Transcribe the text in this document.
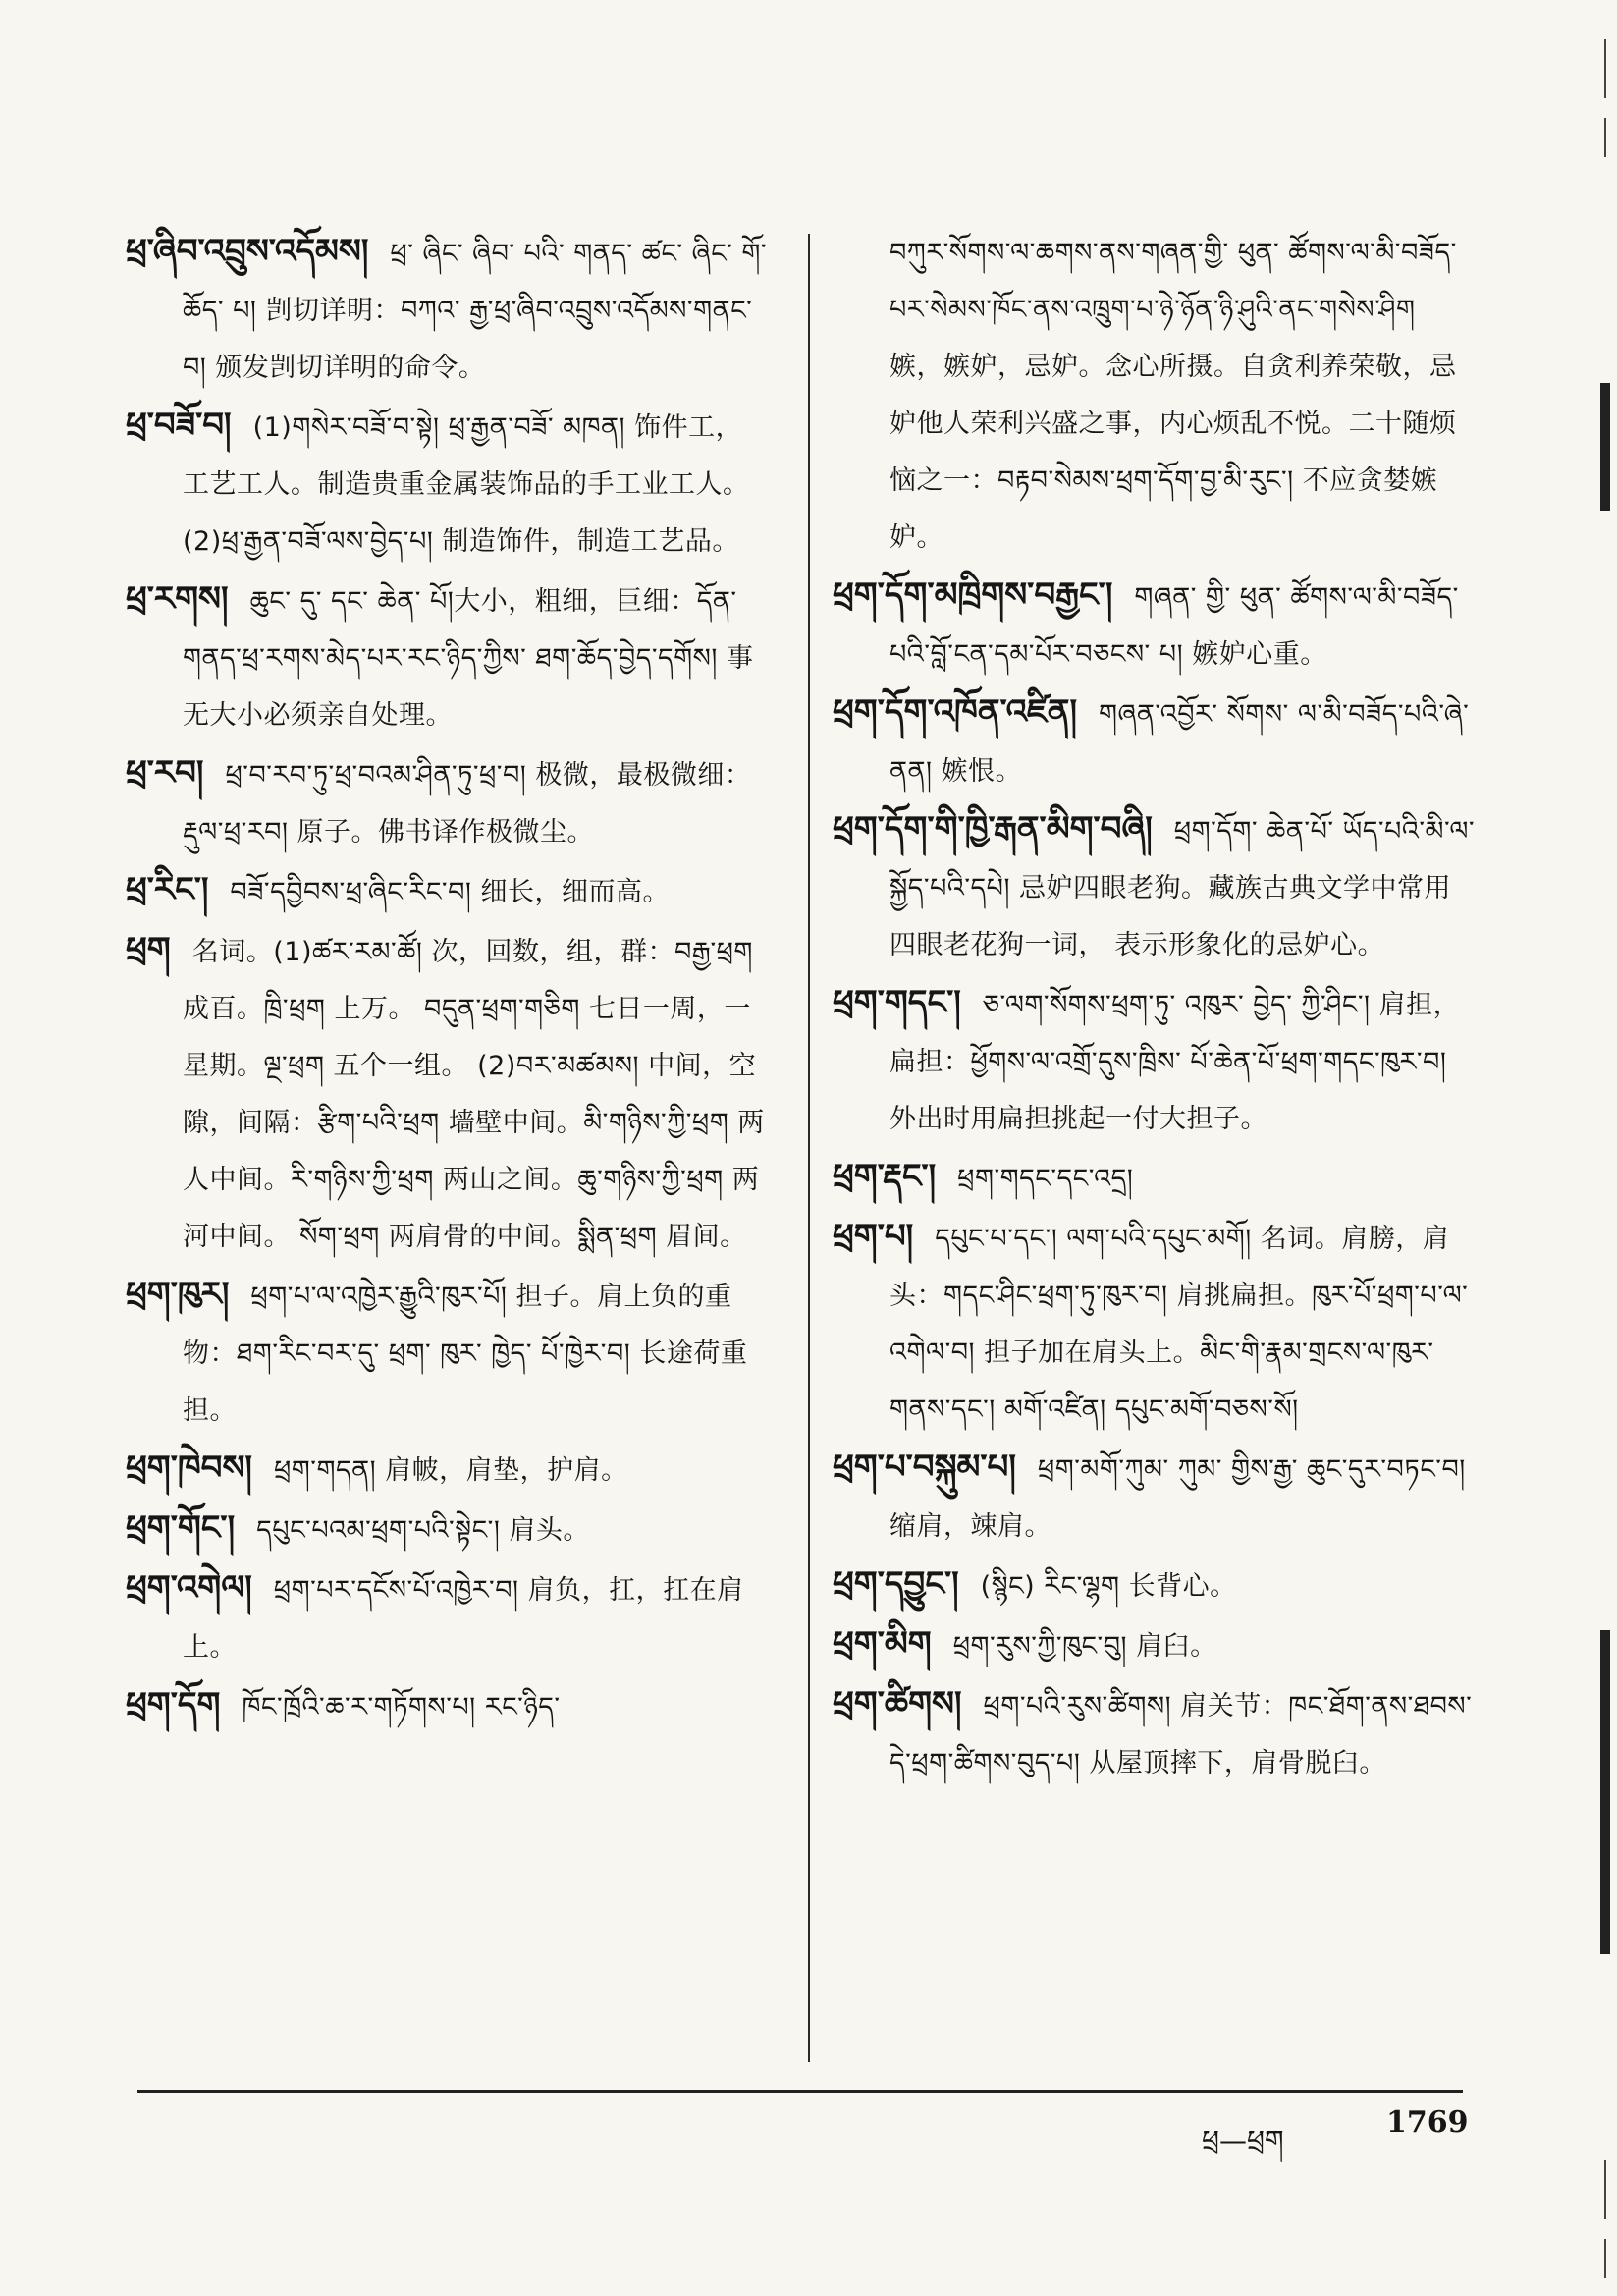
ཕྲ་ཞིབ་འབྲུས་འདོམས། ཕྲ་ ཞིང་ ཞིབ་ པའི་ གནད་ ཚང་ ཞིང་ གོ་ ཆོད་ པ། 剀切详明：བཀའ་ རྒྱ་ཕྲ་ཞིབ་འབྲུས་འདོམས་གནང་བ། 颁发剀切详明的命令。
ཕྲ་བཟོ་བ། (1)གསེར་བཟོ་བ་སྟེ། ཕྲ་རྒྱན་བཟོ་ མཁན། 饰件工，工艺工人。制造贵重金属装饰品的手工业工人。 (2)ཕྲ་རྒྱན་བཟོ་ལས་བྱེད་པ། 制造饰件，制造工艺品。
ཕྲ་རགས། ཆུང་ དུ་ དང་ ཆེན་ པོ།大小，粗细，巨细：དོན་གནད་ཕྲ་རགས་མེད་པར་རང་ཉིད་ཀྱིས་ ཐག་ཆོད་བྱེད་དགོས། 事无大小必须亲自处理。
ཕྲ་རབ། ཕྲ་བ་རབ་ཏུ་ཕྲ་བའམ་ཤིན་ཏུ་ཕྲ་བ། 极微，最极微细：རྡུལ་ཕྲ་རབ། 原子。佛书译作极微尘。
ཕྲ་རིང་། བཟོ་དབྱིབས་ཕྲ་ཞིང་རིང་བ། 细长，细而高。
ཕྲག 名词。(1)ཚར་རམ་ཚོ། 次，回数，组，群：བརྒྱ་ཕྲག 成百。ཁྲི་ཕྲག 上万。 བདུན་ཕྲག་གཅིག 七日一周，一星期。ལྔ་ཕྲག 五个一组。 (2)བར་མཚམས། 中间，空隙，间隔：རྩིག་པའི་ཕྲག 墙壁中间。མི་གཉིས་ཀྱི་ཕྲག 两人中间。རི་གཉིས་ཀྱི་ཕྲག 两山之间。ཆུ་གཉིས་ཀྱི་ཕྲག 两河中间。 སོག་ཕྲག 两肩骨的中间。སྨིན་ཕྲག 眉间。
ཕྲག་ཁུར། ཕྲག་པ་ལ་འཁྱེར་རྒྱུའི་ཁུར་པོ། 担子。肩上负的重物：ཐག་རིང་བར་དུ་ ཕྲག་ ཁུར་ ཁྱེད་ པོ་ཁྱེར་བ། 长途荷重担。
ཕྲག་ཁེབས། ཕྲག་གདན། 肩帔，肩垫，护肩。
ཕྲག་གོང་། དཔུང་པའམ་ཕྲག་པའི་སྟེང་། 肩头。
ཕྲག་འགེལ། ཕྲག་པར་དངོས་པོ་འཁྱེར་བ། 肩负，扛，扛在肩上。
ཕྲག་དོག ཁོང་ཁྲོའི་ཆ་ར་གཏོགས་པ། རང་ཉིད་
བཀུར་སོགས་ལ་ཆགས་ནས་གཞན་གྱི་ ཕུན་ ཚོགས་ལ་མི་བཟོད་པར་སེམས་ཁོང་ནས་འཁྲུག་པ་ཉེ་ཉོན་ཉི་ཤུའི་ནང་གསེས་ཤིག 嫉，嫉妒，忌妒。念心所摄。自贪利养荣敬，忌妒他人荣利兴盛之事，内心烦乱不悦。二十随烦恼之一：བརྟབ་སེམས་ཕྲག་དོག་བྱ་མི་རུང་། 不应贪婪嫉妒。
ཕྲག་དོག་མཁྲིགས་བརྒྱང་། གཞན་ གྱི་ ཕུན་ ཚོགས་ལ་མི་བཟོད་པའི་བློ་ངན་དམ་པོར་བཅངས་ པ། 嫉妒心重。
ཕྲག་དོག་འཁོན་འཛིན། གཞན་འབྱོར་ སོགས་ ལ་མི་བཟོད་པའི་ཞེ་ནན། 嫉恨。
ཕྲག་དོག་གི་ཁྱི་རྒན་མིག་བཞི། ཕྲག་དོག་ ཆེན་པོ་ ཡོད་པའི་མི་ལ་སྐྱོད་པའི་དཔེ། 忌妒四眼老狗。藏族古典文学中常用四眼老花狗一词， 表示形象化的忌妒心。
ཕྲག་གདང་། ཅ་ལག་སོགས་ཕྲག་ཏུ་ འཁུར་ བྱེད་ ཀྱི་ཤིང་། 肩担，扁担：ཕྱོགས་ལ་འགྲོ་དུས་ཁྲིས་ པོ་ཆེན་པོ་ཕྲག་གདང་ཁུར་བ། 外出时用扁担挑起一付大担子。
ཕྲག་རྡང་། ཕྲག་གདང་དང་འདྲ།
ཕྲག་པ། དཔུང་པ་དང་། ལག་པའི་དཔུང་མགོ། 名词。肩膀，肩头：གདང་ཤིང་ཕྲག་ཏུ་ཁུར་བ། 肩挑扁担。ཁུར་པོ་ཕྲག་པ་ལ་འགེལ་བ། 担子加在肩头上。མིང་གི་རྣམ་གྲངས་ལ་ཁུར་གནས་དང་། མགོ་འཛིན། དཔུང་མགོ་བཅས་སོ།
ཕྲག་པ་བསྐུམ་པ། ཕྲག་མགོ་ཀུམ་ ཀུམ་ གྱིས་རྒྱ་ ཆུང་དུར་བཏང་བ། 缩肩，竦肩。
ཕྲག་དབྱུང་། (སྙིང) རིང་ལྷག 长背心。
ཕྲག་མིག ཕྲག་རུས་ཀྱི་ཁུང་བུ། 肩臼。
ཕྲག་ཚིགས། ཕྲག་པའི་རུས་ཚིགས། 肩关节：ཁང་ཐོག་ནས་ཐབས་དེ་ཕྲག་ཚིགས་བུད་པ། 从屋顶摔下，肩骨脱臼。
ཕྲ—ཕྲག
1769
